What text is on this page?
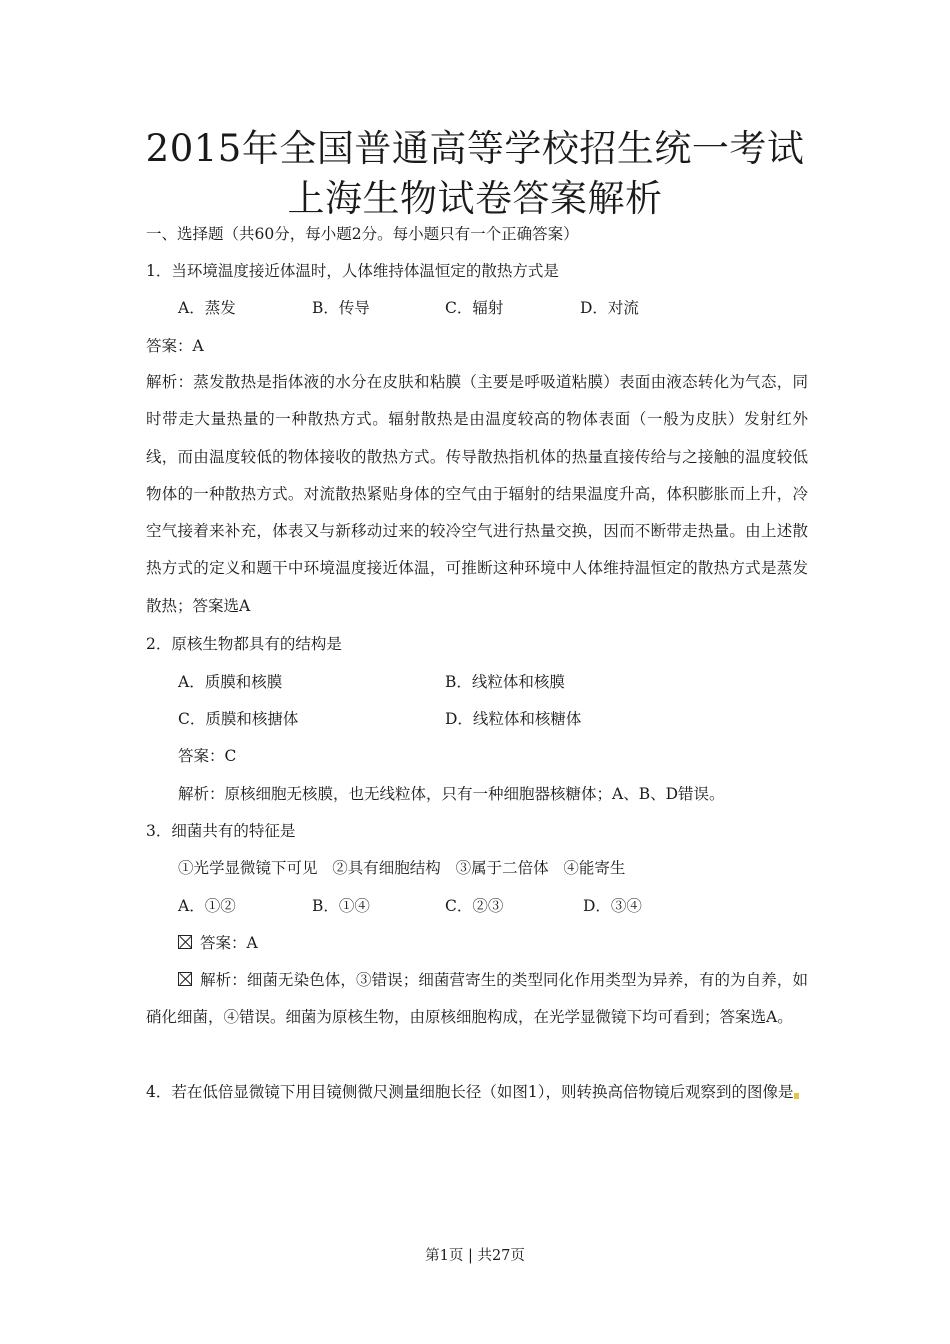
2015年全国普通高等学校招生统一考试
上海生物试卷答案解析
一、选择题（共60分，每小题2分。每小题只有一个正确答案）
1．当环境温度接近体温时，人体维持体温恒定的散热方式是
A．蒸发	B．传导	C．辐射	D．对流
答案：A
解析：蒸发散热是指体液的水分在皮肤和粘膜（主要是呼吸道粘膜）表面由液态转化为气态，同时带走大量热量的一种散热方式。辐射散热是由温度较高的物体表面（一般为皮肤）发射红外线，而由温度较低的物体接收的散热方式。传导散热指机体的热量直接传给与之接触的温度较低物体的一种散热方式。对流散热紧贴身体的空气由于辐射的结果温度升高，体积膨胀而上升，冷空气接着来补充，体表又与新移动过来的较冷空气进行热量交换，因而不断带走热量。由上述散热方式的定义和题干中环境温度接近体温，可推断这种环境中人体维持温恒定的散热方式是蒸发散热；答案选A
2．原核生物都具有的结构是
A．质膜和核膜	B．线粒体和核膜
C．质膜和核搪体	D．线粒体和核糖体
答案：C
解析：原核细胞无核膜，也无线粒体，只有一种细胞器核糖体；A、B、D错误。
3．细菌共有的特征是
①光学显微镜下可见   ②具有细胞结构   ③属于二倍体   ④能寄生
A．①②	B．①④	C．②③	D．③④
答案：A
解析：细菌无染色体，③错误；细菌营寄生的类型同化作用类型为异养，有的为自养，如硝化细菌，④错误。细菌为原核生物，由原核细胞构成，在光学显微镜下均可看到；答案选A。
4．若在低倍显微镜下用目镜侧微尺测量细胞长径（如图1），则转换高倍物镜后观察到的图像是
第1页 | 共27页
